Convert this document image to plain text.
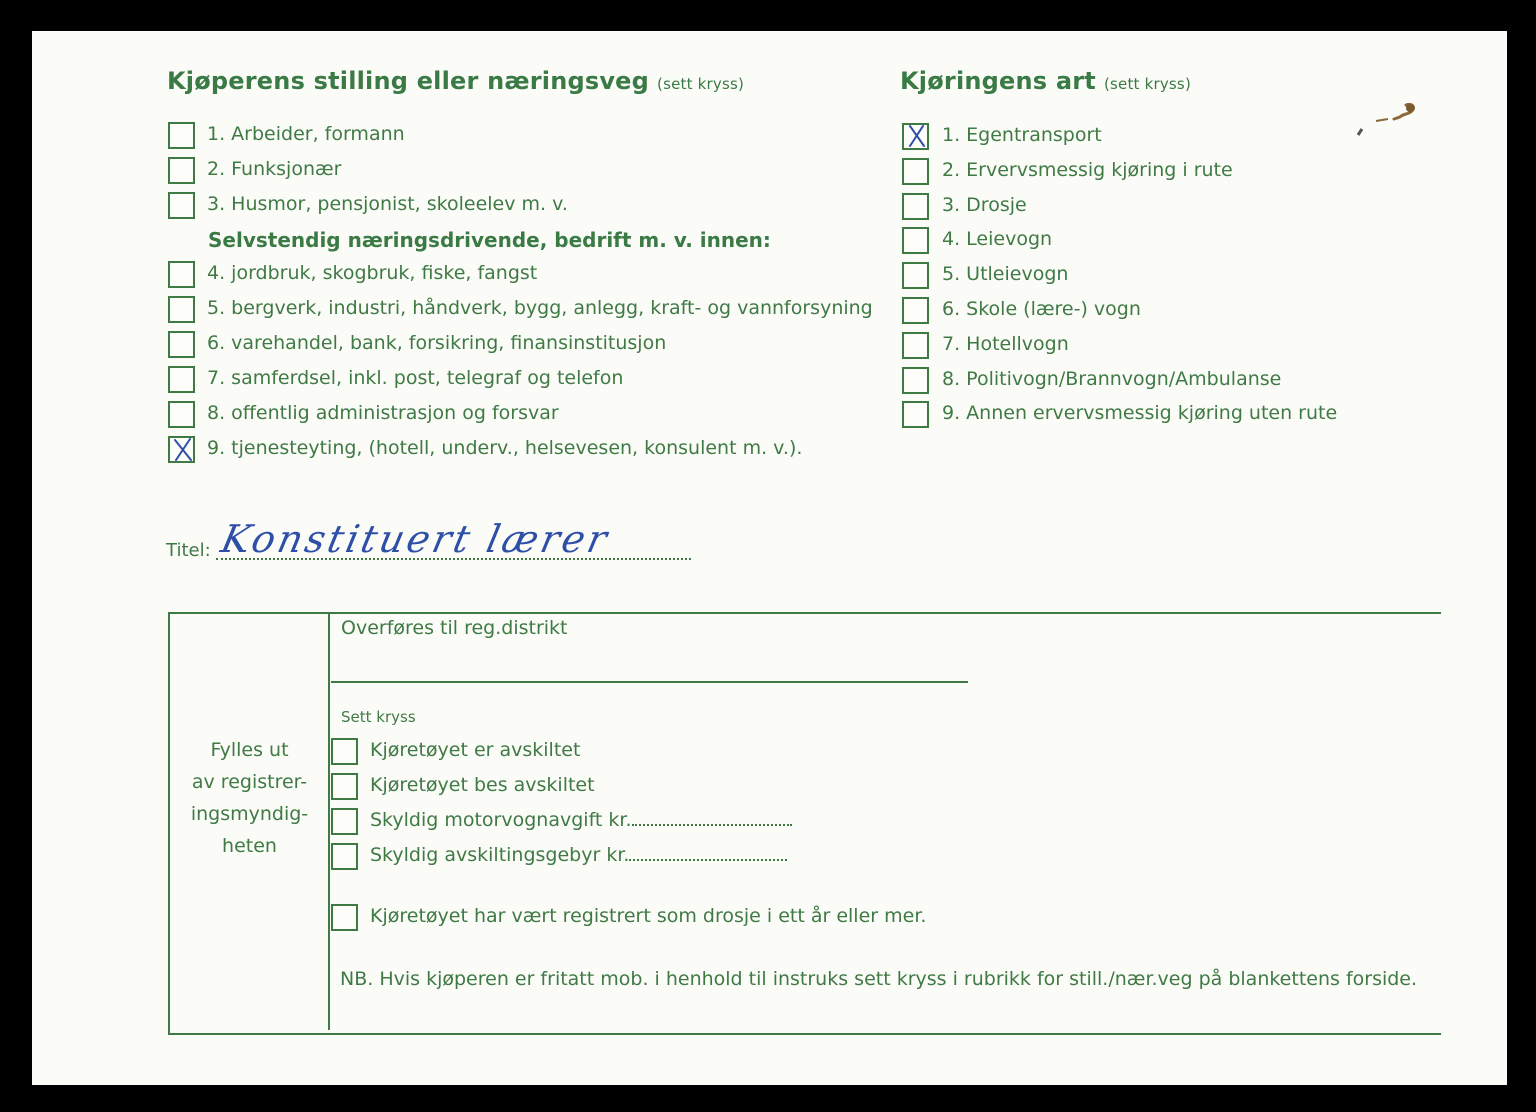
Kjøperens stilling eller næringsveg (sett kryss)
1. Arbeider, formann
2. Funksjonær
3. Husmor, pensjonist, skoleelev m. v.
Selvstendig næringsdrivende, bedrift m. v. innen:
4. jordbruk, skogbruk, fiske, fangst
5. bergverk, industri, håndverk, bygg, anlegg, kraft- og vannforsyning
6. varehandel, bank, forsikring, finansinstitusjon
7. samferdsel, inkl. post, telegraf og telefon
8. offentlig administrasjon og forsvar
9. tjenesteyting, (hotell, underv., helsevesen, konsulent m. v.).
Kjøringens art (sett kryss)
1. Egentransport
2. Ervervsmessig kjøring i rute
3. Drosje
4. Leievogn
5. Utleievogn
6. Skole (lære-) vogn
7. Hotellvogn
8. Politivogn/Brannvogn/Ambulanse
9. Annen ervervsmessig kjøring uten rute
Titel: Konstituert lærer
Fylles ut
av registrer-
ingsmyndig-
heten
Overføres til reg.distrikt
Sett kryss
Kjøretøyet er avskiltet
Kjøretøyet bes avskiltet
Skyldig motorvognavgift kr.
Skyldig avskiltingsgebyr kr.
Kjøretøyet har vært registrert som drosje i ett år eller mer.
NB. Hvis kjøperen er fritatt mob. i henhold til instruks sett kryss i rubrikk for still./nær.veg på blankettens forside.
